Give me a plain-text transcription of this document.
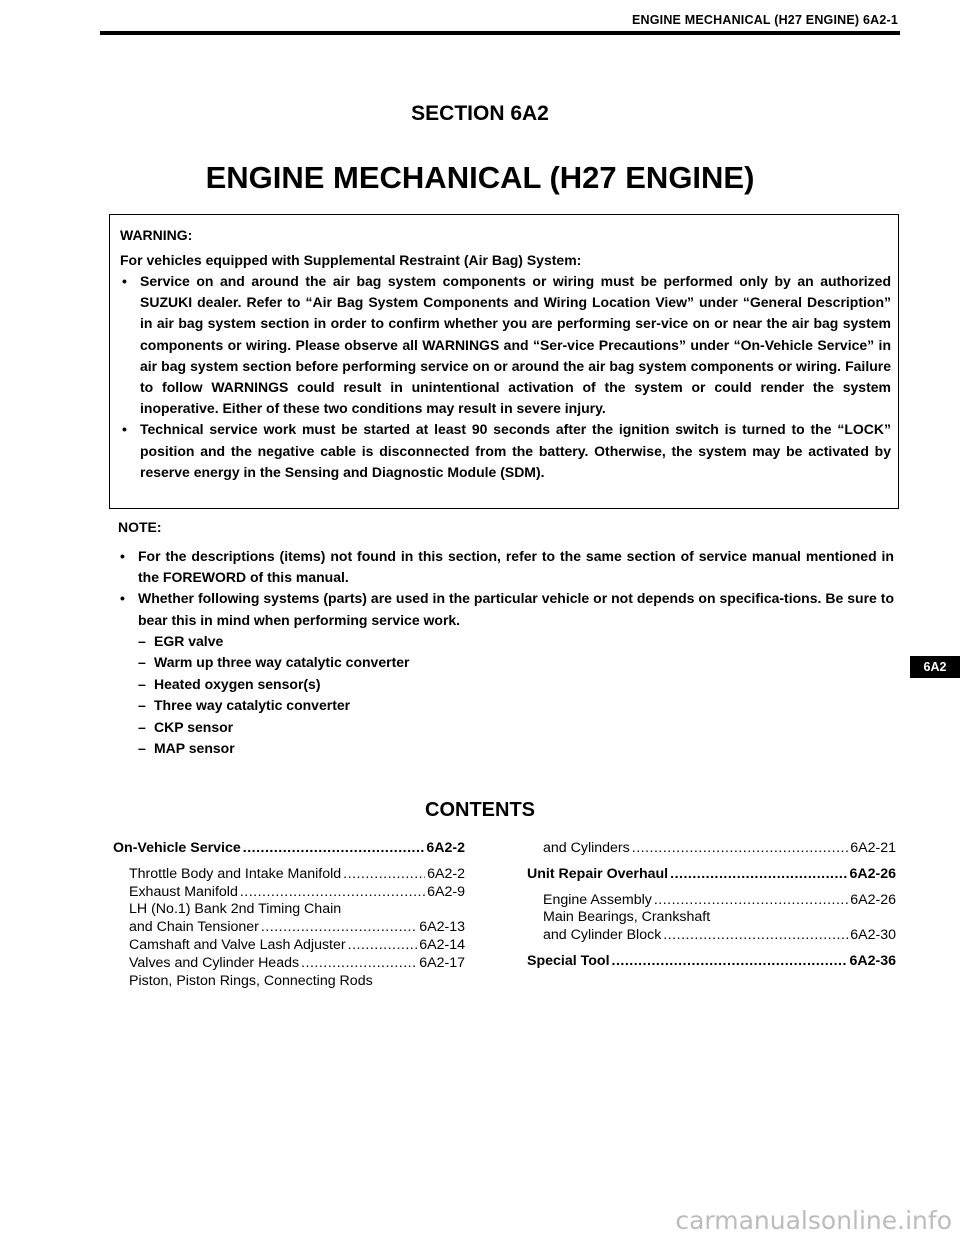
ENGINE MECHANICAL (H27 ENGINE) 6A2-1
SECTION 6A2
ENGINE MECHANICAL (H27 ENGINE)
WARNING:
For vehicles equipped with Supplemental Restraint (Air Bag) System:
• Service on and around the air bag system components or wiring must be performed only by an authorized SUZUKI dealer. Refer to “Air Bag System Components and Wiring Location View” under “General Description” in air bag system section in order to confirm whether you are performing ser-vice on or near the air bag system components or wiring. Please observe all WARNINGS and “Ser-vice Precautions” under “On-Vehicle Service” in air bag system section before performing service on or around the air bag system components or wiring. Failure to follow WARNINGS could result in unintentional activation of the system or could render the system inoperative. Either of these two conditions may result in severe injury.
• Technical service work must be started at least 90 seconds after the ignition switch is turned to the “LOCK” position and the negative cable is disconnected from the battery. Otherwise, the system may be activated by reserve energy in the Sensing and Diagnostic Module (SDM).
NOTE:
• For the descriptions (items) not found in this section, refer to the same section of service manual mentioned in the FOREWORD of this manual.
• Whether following systems (parts) are used in the particular vehicle or not depends on specifica-tions. Be sure to bear this in mind when performing service work.
– EGR valve
– Warm up three way catalytic converter
– Heated oxygen sensor(s)
– Three way catalytic converter
– CKP sensor
– MAP sensor
6A2
CONTENTS
On-Vehicle Service .....	6A2-2
Throttle Body and Intake Manifold .....	6A2-2
Exhaust Manifold .....	6A2-9
LH (No.1) Bank 2nd Timing Chain
and Chain Tensioner .....	6A2-13
Camshaft and Valve Lash Adjuster .....	6A2-14
Valves and Cylinder Heads .....	6A2-17
Piston, Piston Rings, Connecting Rods
and Cylinders .....	6A2-21
Unit Repair Overhaul .....	6A2-26
Engine Assembly .....	6A2-26
Main Bearings, Crankshaft
and Cylinder Block .....	6A2-30
Special Tool .....	6A2-36
carmanualsonline.info
